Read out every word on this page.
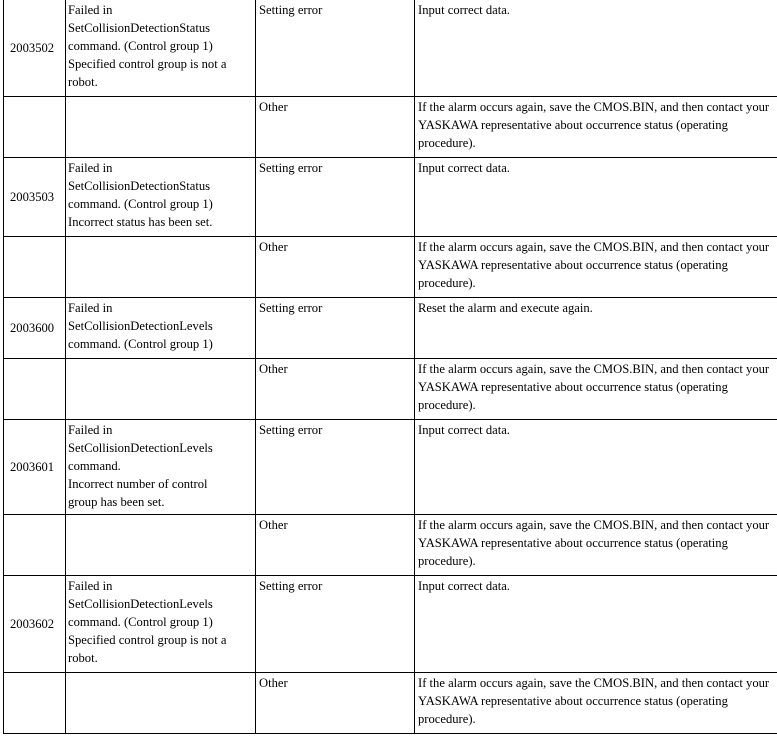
2003502	Failed in
SetCollisionDetectionStatus
command. (Control group 1)
Specified control group is not a
robot.	Setting error	Input correct data.
		Other	If the alarm occurs again, save the CMOS.BIN, and then contact your YASKAWA representative about occurrence status (operating procedure).
2003503	Failed in
SetCollisionDetectionStatus
command. (Control group 1)
Incorrect status has been set.	Setting error	Input correct data.
		Other	If the alarm occurs again, save the CMOS.BIN, and then contact your YASKAWA representative about occurrence status (operating procedure).
2003600	Failed in
SetCollisionDetectionLevels
command. (Control group 1)	Setting error	Reset the alarm and execute again.
		Other	If the alarm occurs again, save the CMOS.BIN, and then contact your YASKAWA representative about occurrence status (operating procedure).
2003601	Failed in
SetCollisionDetectionLevels
command.
Incorrect number of control
group has been set.	Setting error	Input correct data.
		Other	If the alarm occurs again, save the CMOS.BIN, and then contact your YASKAWA representative about occurrence status (operating procedure).
2003602	Failed in
SetCollisionDetectionLevels
command. (Control group 1)
Specified control group is not a
robot.	Setting error	Input correct data.
		Other	If the alarm occurs again, save the CMOS.BIN, and then contact your YASKAWA representative about occurrence status (operating procedure).
